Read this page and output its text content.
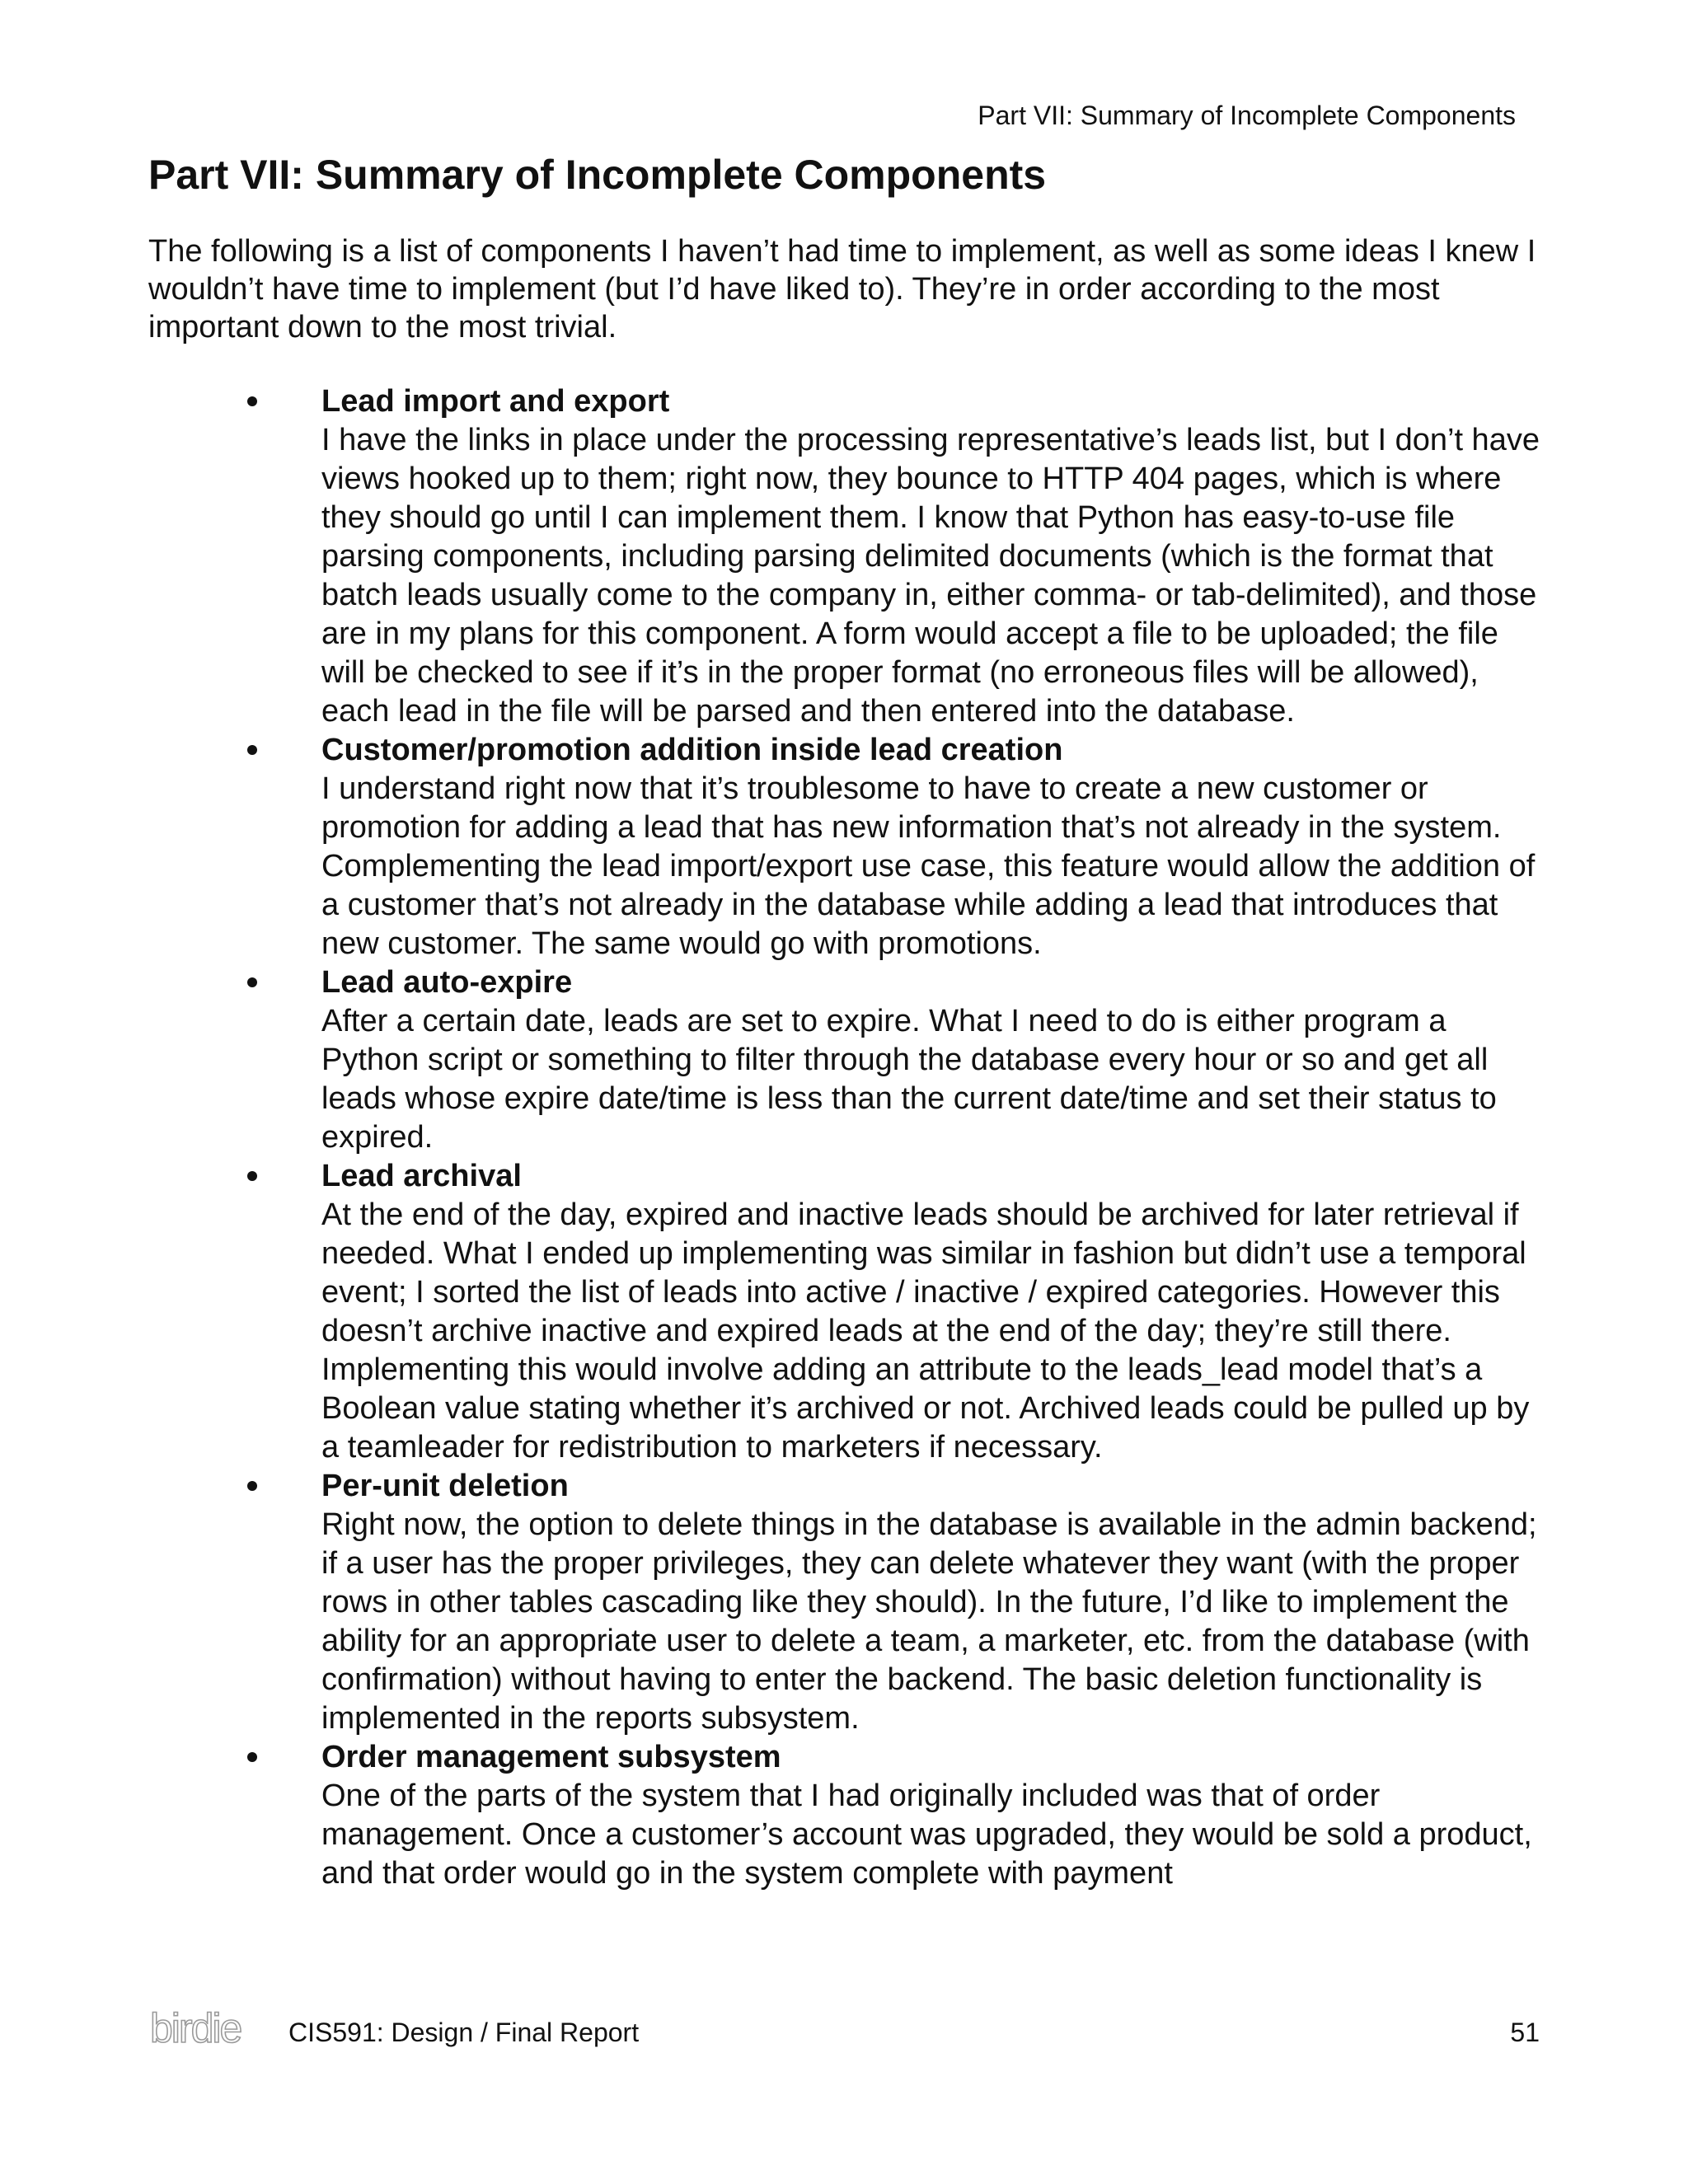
Part VII: Summary of Incomplete Components
Part VII: Summary of Incomplete Components

The following is a list of components I haven’t had time to implement, as well as some ideas I knew I wouldn’t have time to implement (but I’d have liked to). They’re in order according to the most important down to the most trivial.

Lead import and export
I have the links in place under the processing representative’s leads list, but I don’t have views hooked up to them; right now, they bounce to HTTP 404 pages, which is where they should go until I can implement them. I know that Python has easy-to-use file parsing components, including parsing delimited documents (which is the format that batch leads usually come to the company in, either comma- or tab-delimited), and those are in my plans for this component. A form would accept a file to be uploaded; the file will be checked to see if it’s in the proper format (no erroneous files will be allowed), each lead in the file will be parsed and then entered into the database.
Customer/promotion addition inside lead creation
I understand right now that it’s troublesome to have to create a new customer or promotion for adding a lead that has new information that’s not already in the system. Complementing the lead import/export use case, this feature would allow the addition of a customer that’s not already in the database while adding a lead that introduces that new customer. The same would go with promotions.
Lead auto-expire
After a certain date, leads are set to expire. What I need to do is either program a Python script or something to filter through the database every hour or so and get all leads whose expire date/time is less than the current date/time and set their status to expired.
Lead archival
At the end of the day, expired and inactive leads should be archived for later retrieval if needed. What I ended up implementing was similar in fashion but didn’t use a temporal event; I sorted the list of leads into active / inactive / expired categories. However this doesn’t archive inactive and expired leads at the end of the day; they’re still there. Implementing this would involve adding an attribute to the leads_lead model that’s a Boolean value stating whether it’s archived or not. Archived leads could be pulled up by a teamleader for redistribution to marketers if necessary.
Per-unit deletion
Right now, the option to delete things in the database is available in the admin backend; if a user has the proper privileges, they can delete whatever they want (with the proper rows in other tables cascading like they should). In the future, I’d like to implement the ability for an appropriate user to delete a team, a marketer, etc. from the database (with confirmation) without having to enter the backend. The basic deletion functionality is implemented in the reports subsystem.
Order management subsystem
One of the parts of the system that I had originally included was that of order management. Once a customer’s account was upgraded, they would be sold a product, and that order would go in the system complete with payment
birdie CIS591: Design / Final Report	51
